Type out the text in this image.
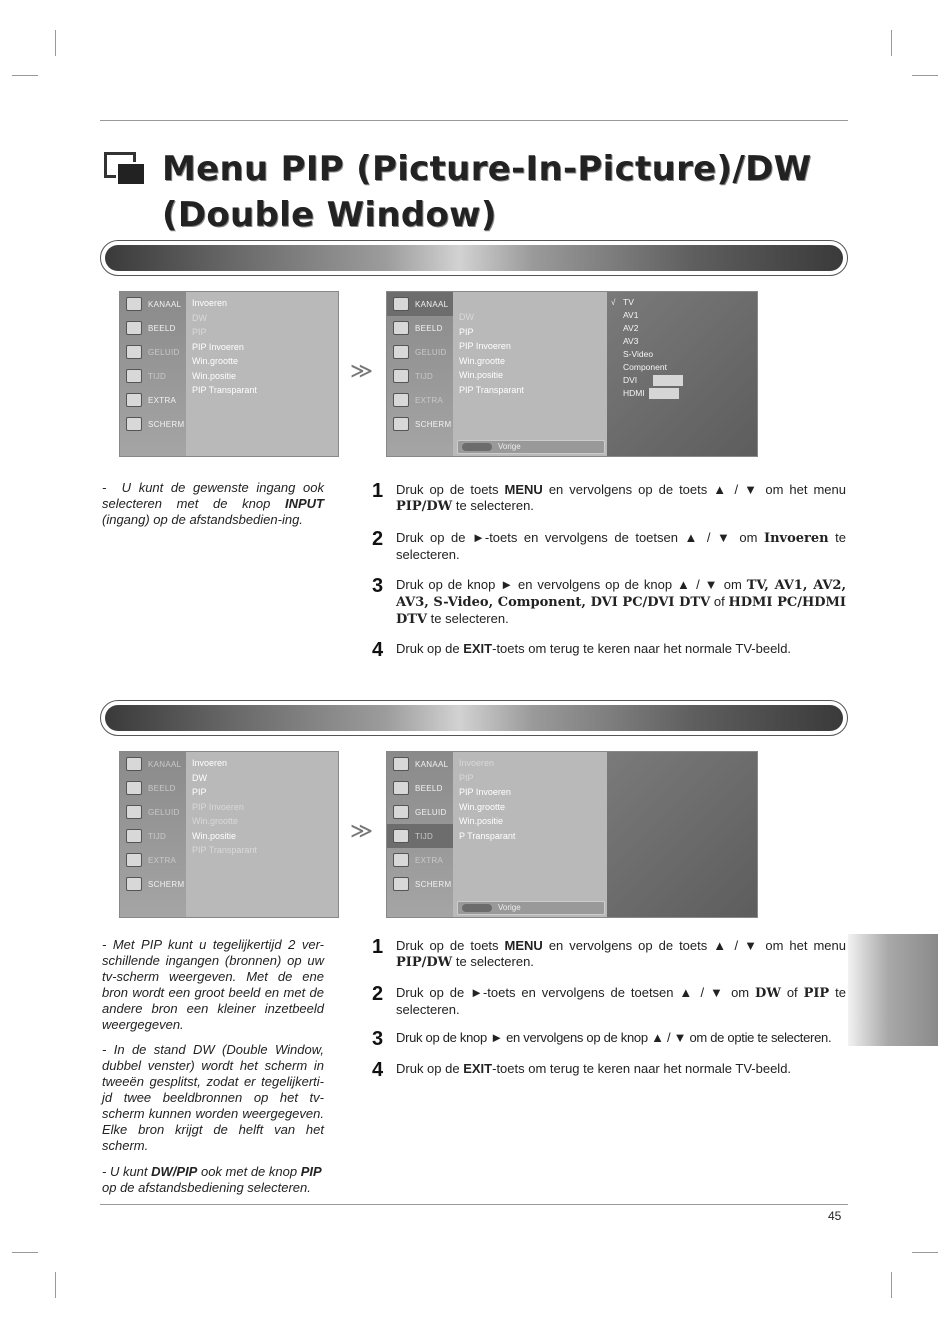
Menu PIP (Picture-In-Picture)/DW
(Double Window)
KANAAL
BEELD
GELUID
TIJD
EXTRA
SCHERM
Invoeren
DW
PIP
PIP Invoeren
Win.grootte
Win.positie
PIP Transparant
≫
KANAAL
BEELD
GELUID
TIJD
EXTRA
SCHERM
DW
PIP
PIP Invoeren
Win.grootte
Win.positie
PIP Transparant
√ TV
AV1
AV2
AV3
S-Video
Component
DVI
HDMI
$^{Vorige}$

- U kunt de gewenste ingang ook selecteren met de knop INPUT (ingang) op de afstandsbedien-ing.

1 Druk op de toets MENU en vervolgens op de toets ▲ / ▼ om het menu PIP/DW te selecteren.
2 Druk op de ►-toets en vervolgens de toetsen ▲ / ▼ om Invoeren te selecteren.
3 Druk op de knop ► en vervolgens op de knop ▲ / ▼ om TV, AV1, AV2, AV3, S-Video, Component, DVI PC/DVI DTV of HDMI PC/HDMI DTV te selecteren.
4 Druk op de EXIT-toets om terug te keren naar het normale TV-beeld.
KANAAL
BEELD
GELUID
TIJD
EXTRA
SCHERM
Invoeren
DW
PIP
PIP Invoeren
Win.grootte
Win.positie
PIP Transparant
≫
KANAAL
BEELD
GELUID
TIJD
EXTRA
SCHERM
Invoeren
PIP
PIP Invoeren
Win.grootte
Win.positie
P Transparant
$^{Vorige}$

- Met PIP kunt u tegelijkertijd 2 ver-schillende ingangen (bronnen) op uw tv-scherm weergeven. Met de ene bron wordt een groot beeld en met de andere bron een kleiner inzetbeeld weergegeven.

- In de stand DW (Double Window, dubbel venster) wordt het scherm in tweeën gesplitst, zodat er tegelijkerti-jd twee beeldbronnen op het tv-scherm kunnen worden weergegeven. Elke bron krijgt de helft van het scherm.

- U kunt DW/PIP ook met de knop PIP op de afstandsbediening selecteren.

1 Druk op de toets MENU en vervolgens op de toets ▲ / ▼ om het menu PIP/DW te selecteren.
2 Druk op de ►-toets en vervolgens de toetsen ▲ / ▼ om DW of PIP te selecteren.
3 Druk op de knop ► en vervolgens op de knop ▲ / ▼ om de optie te selecteren.
4 Druk op de EXIT-toets om terug te keren naar het normale TV-beeld.
45
